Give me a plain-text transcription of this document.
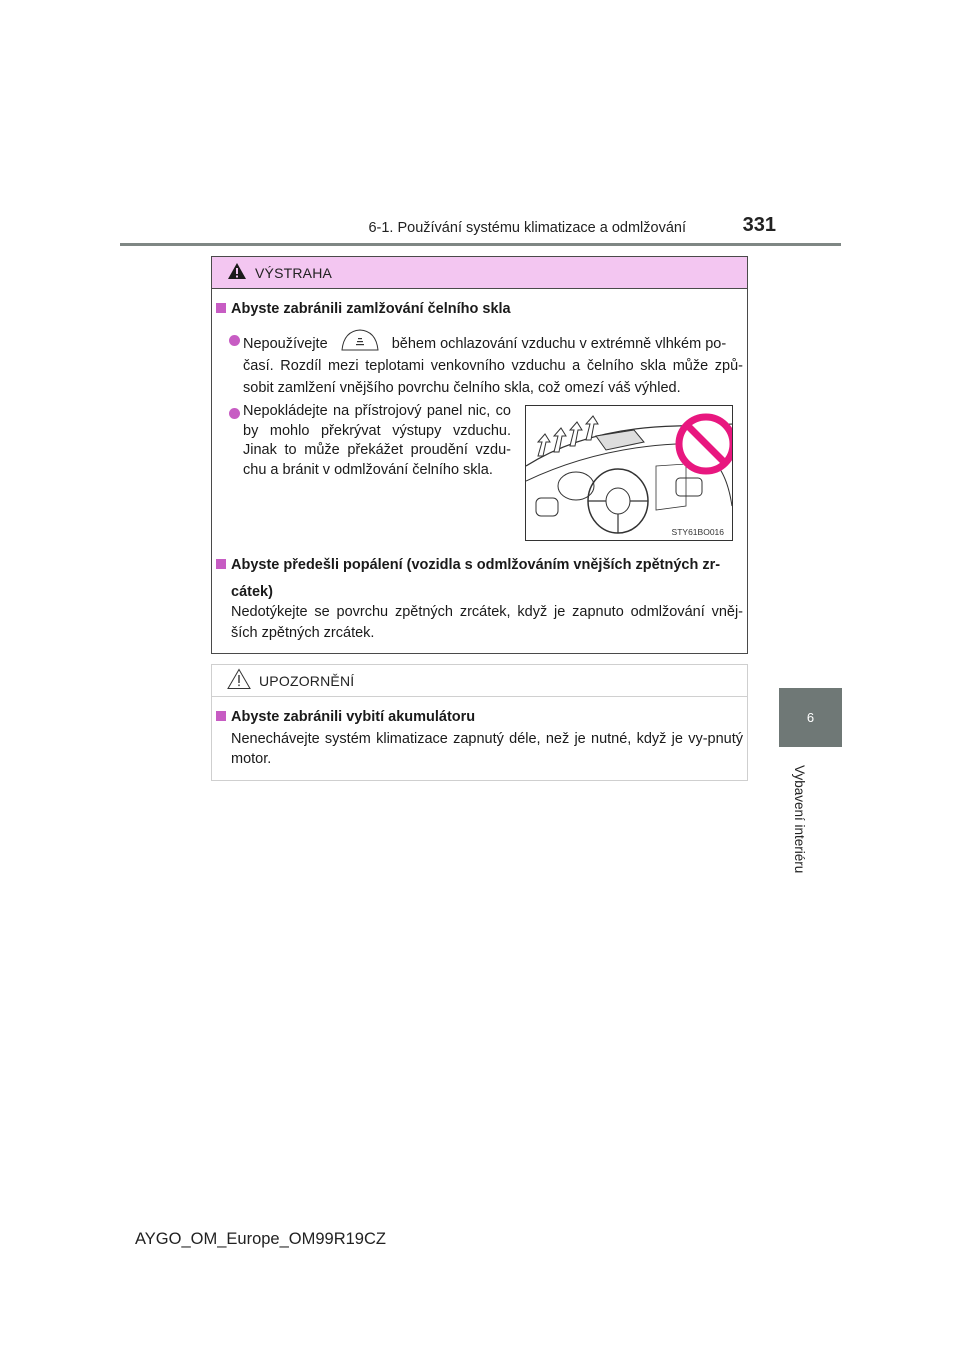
6-1. Používání systému klimatizace a odmlžování	331
6
Vybavení interiéru
VÝSTRAHA
Abyste zabránili zamlžování čelního skla
Nepoužívejte	během ochlazování vzduchu v extrémně vlhkém po-
časí. Rozdíl mezi teplotami venkovního vzduchu a čelního skla může způ-sobit zamlžení vnějšího povrchu čelního skla, což omezí váš výhled.
Nepokládejte na přístrojový panel nic, co by mohlo překrývat výstupy vzduchu. Jinak to může překážet proudění vzdu-chu a bránit v odmlžování čelního skla.
STY61BO016
Abyste předešli popálení (vozidla s odmlžováním vnějších zpětných zr-
cátek)
Nedotýkejte se povrchu zpětných zrcátek, když je zapnuto odmlžování vněj-ších zpětných zrcátek.
UPOZORNĚNÍ
Abyste zabránili vybití akumulátoru
Nenechávejte systém klimatizace zapnutý déle, než je nutné, když je vy-pnutý motor.
AYGO_OM_Europe_OM99R19CZ
